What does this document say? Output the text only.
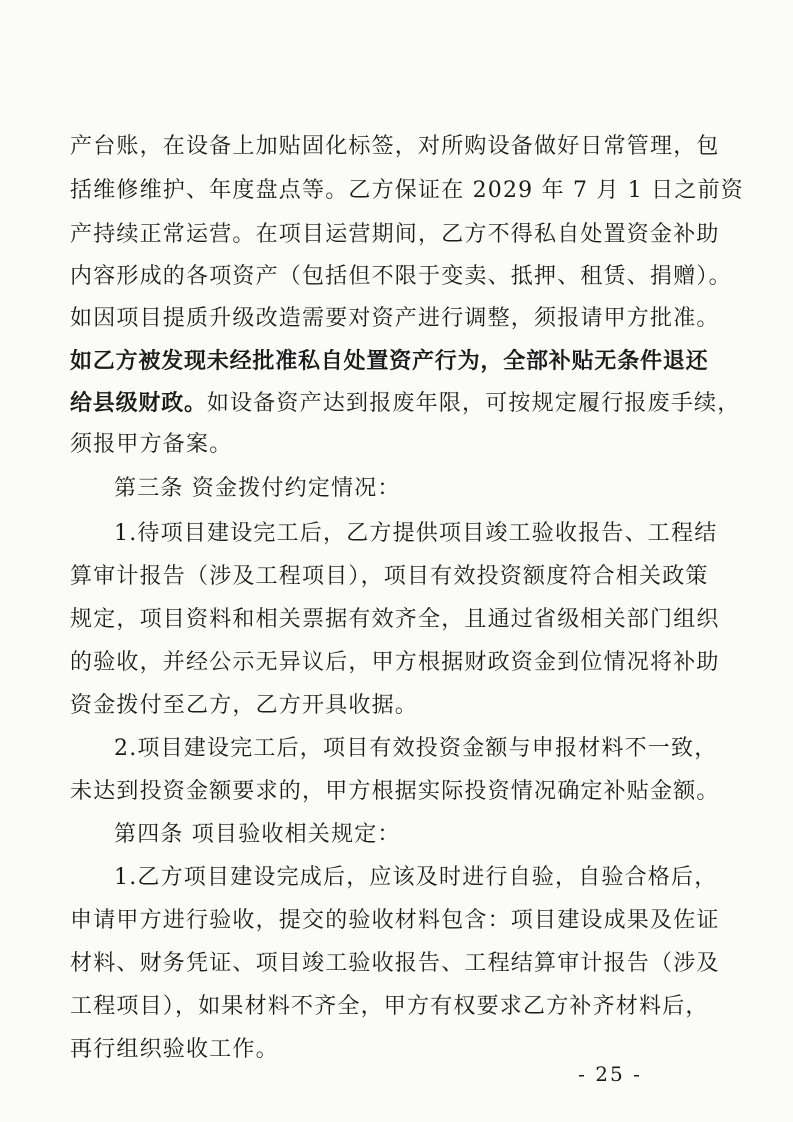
产台账，在设备上加贴固化标签，对所购设备做好日常管理，包
括维修维护、年度盘点等。乙方保证在 2029 年 7 月 1 日之前资
产持续正常运营。在项目运营期间，乙方不得私自处置资金补助
内容形成的各项资产（包括但不限于变卖、抵押、租赁、捐赠）。
如因项目提质升级改造需要对资产进行调整，须报请甲方批准。
如乙方被发现未经批准私自处置资产行为，全部补贴无条件退还
给县级财政。如设备资产达到报废年限，可按规定履行报废手续，
须报甲方备案。
第三条 资金拨付约定情况：
1.待项目建设完工后，乙方提供项目竣工验收报告、工程结
算审计报告（涉及工程项目），项目有效投资额度符合相关政策
规定，项目资料和相关票据有效齐全，且通过省级相关部门组织
的验收，并经公示无异议后，甲方根据财政资金到位情况将补助
资金拨付至乙方，乙方开具收据。
2.项目建设完工后，项目有效投资金额与申报材料不一致，
未达到投资金额要求的，甲方根据实际投资情况确定补贴金额。
第四条 项目验收相关规定：
1.乙方项目建设完成后，应该及时进行自验，自验合格后，
申请甲方进行验收，提交的验收材料包含：项目建设成果及佐证
材料、财务凭证、项目竣工验收报告、工程结算审计报告（涉及
工程项目），如果材料不齐全，甲方有权要求乙方补齐材料后，
再行组织验收工作。
- 25 -
